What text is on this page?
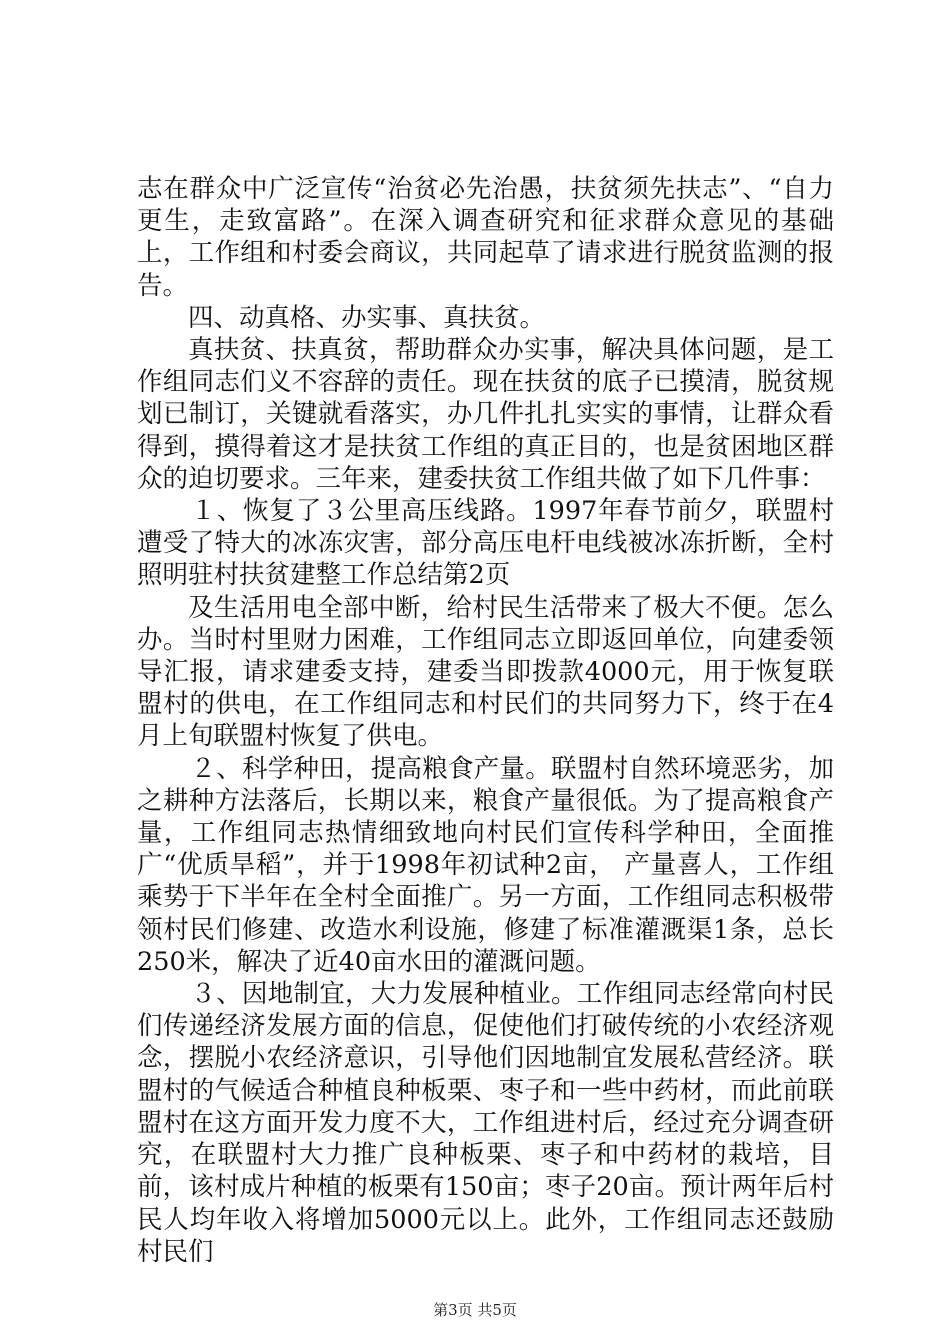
志在群众中广泛宣传“治贫必先治愚，扶贫须先扶志”、“自力更生，走致富路”。在深入调查研究和征求群众意见的基础上，工作组和村委会商议，共同起草了请求进行脱贫监测的报告。

四、动真格、办实事、真扶贫。

真扶贫、扶真贫，帮助群众办实事，解决具体问题，是工作组同志们义不容辞的责任。现在扶贫的底子已摸清，脱贫规划已制订，关键就看落实，办几件扎扎实实的事情，让群众看得到，摸得着这才是扶贫工作组的真正目的，也是贫困地区群众的迫切要求。三年来，建委扶贫工作组共做了如下几件事：

１、恢复了３公里高压线路。1997年春节前夕，联盟村遭受了特大的冰冻灾害，部分高压电杆电线被冰冻折断，全村照明驻村扶贫建整工作总结第2页

及生活用电全部中断，给村民生活带来了极大不便。怎么办。当时村里财力困难，工作组同志立即返回单位，向建委领导汇报，请求建委支持，建委当即拨款4000元，用于恢复联盟村的供电，在工作组同志和村民们的共同努力下，终于在4月上旬联盟村恢复了供电。

２、科学种田，提高粮食产量。联盟村自然环境恶劣，加之耕种方法落后，长期以来，粮食产量很低。为了提高粮食产量，工作组同志热情细致地向村民们宣传科学种田，全面推广“优质旱稻”，并于1998年初试种2亩， 产量喜人，工作组乘势于下半年在全村全面推广。另一方面，工作组同志积极带领村民们修建、改造水利设施，修建了标准灌溉渠1条，总长250米，解决了近40亩水田的灌溉问题。

３、因地制宜，大力发展种植业。工作组同志经常向村民们传递经济发展方面的信息，促使他们打破传统的小农经济观念，摆脱小农经济意识，引导他们因地制宜发展私营经济。联盟村的气候适合种植良种板栗、枣子和一些中药材，而此前联盟村在这方面开发力度不大，工作组进村后，经过充分调查研究，在联盟村大力推广良种板栗、枣子和中药材的栽培，目前，该村成片种植的板栗有150亩；枣子20亩。预计两年后村民人均年收入将增加5000元以上。此外，工作组同志还鼓励村民们

第3页 共5页
